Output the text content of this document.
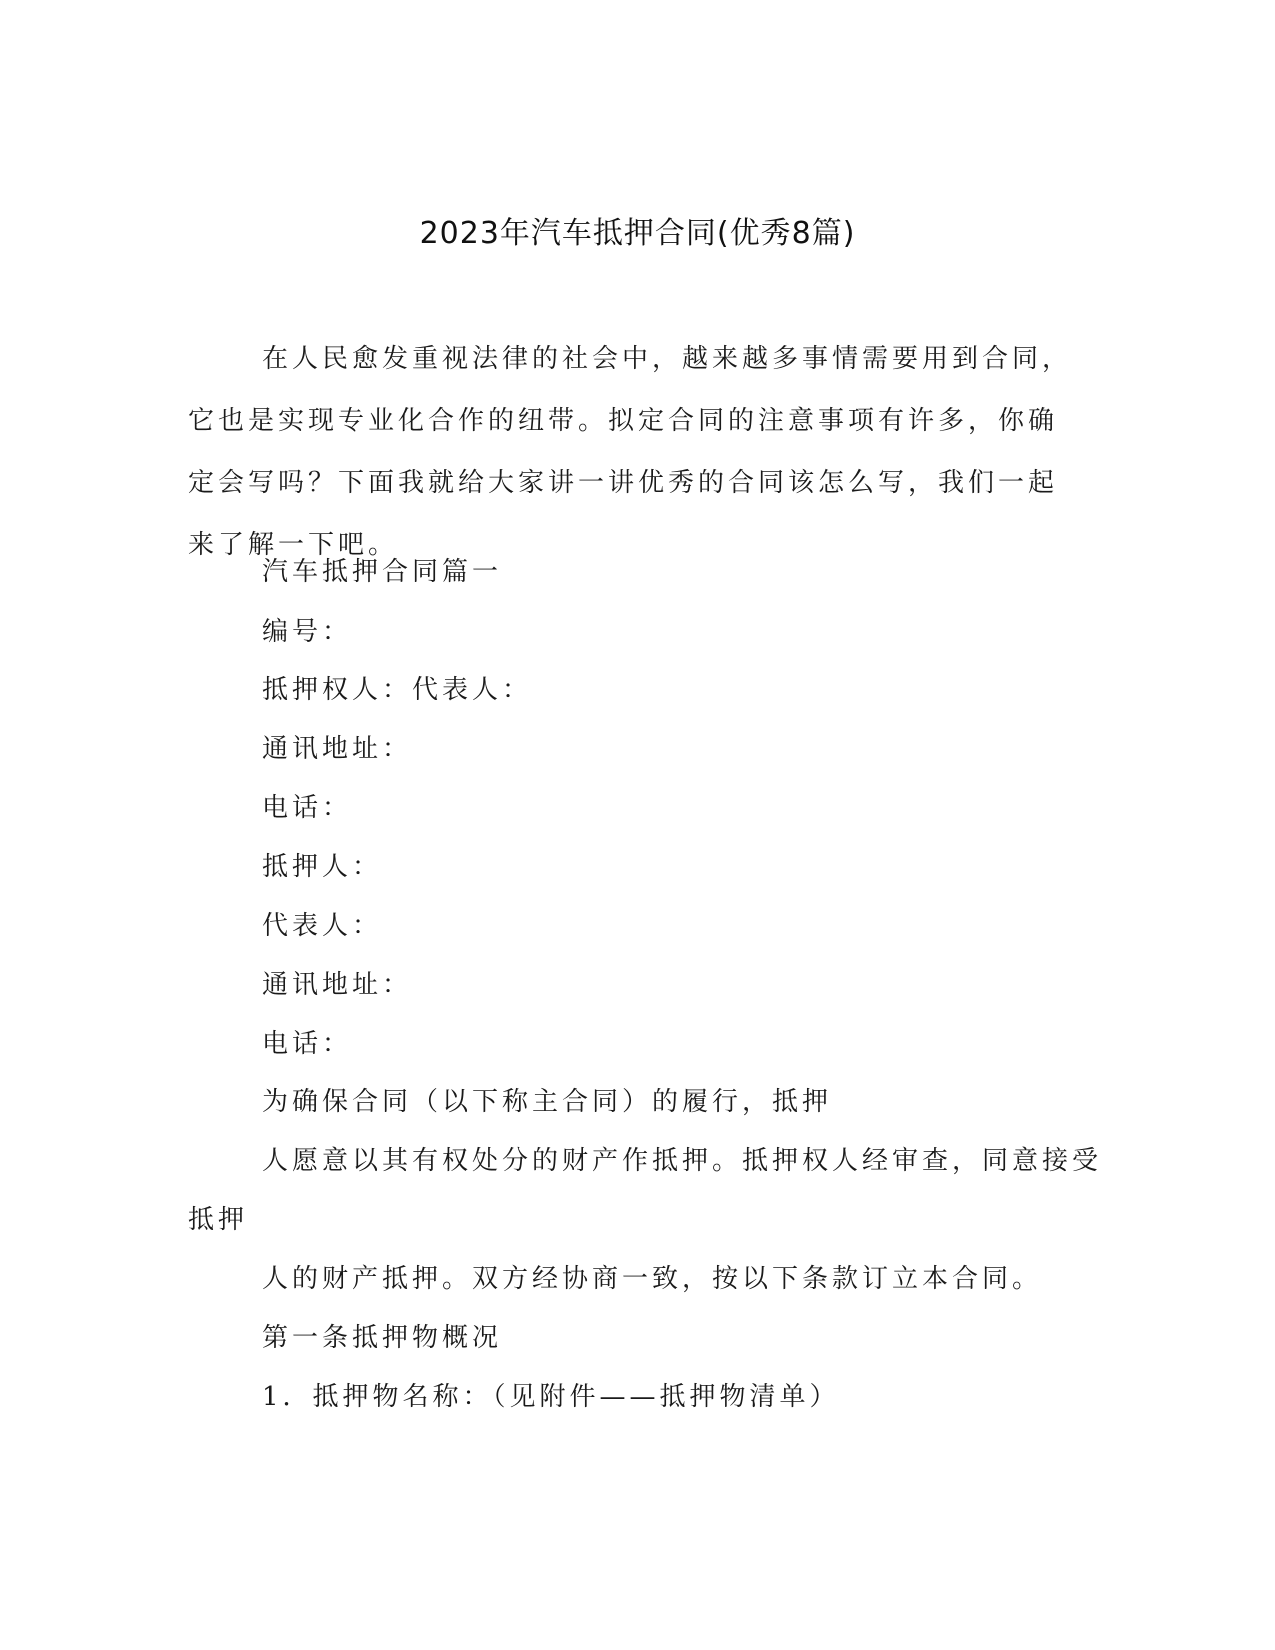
2023年汽车抵押合同(优秀8篇)

在人民愈发重视法律的社会中，越来越多事情需要用到合同，它也是实现专业化合作的纽带。拟定合同的注意事项有许多，你确定会写吗？下面我就给大家讲一讲优秀的合同该怎么写，我们一起来了解一下吧。

汽车抵押合同篇一

编号：

抵押权人：代表人：

通讯地址：

电话：

抵押人：

代表人：

通讯地址：

电话：

为确保合同（以下称主合同）的履行，抵押

人愿意以其有权处分的财产作抵押。抵押权人经审查，同意接受

抵押

人的财产抵押。双方经协商一致，按以下条款订立本合同。

第一条抵押物概况

1．抵押物名称：（见附件——抵押物清单）
